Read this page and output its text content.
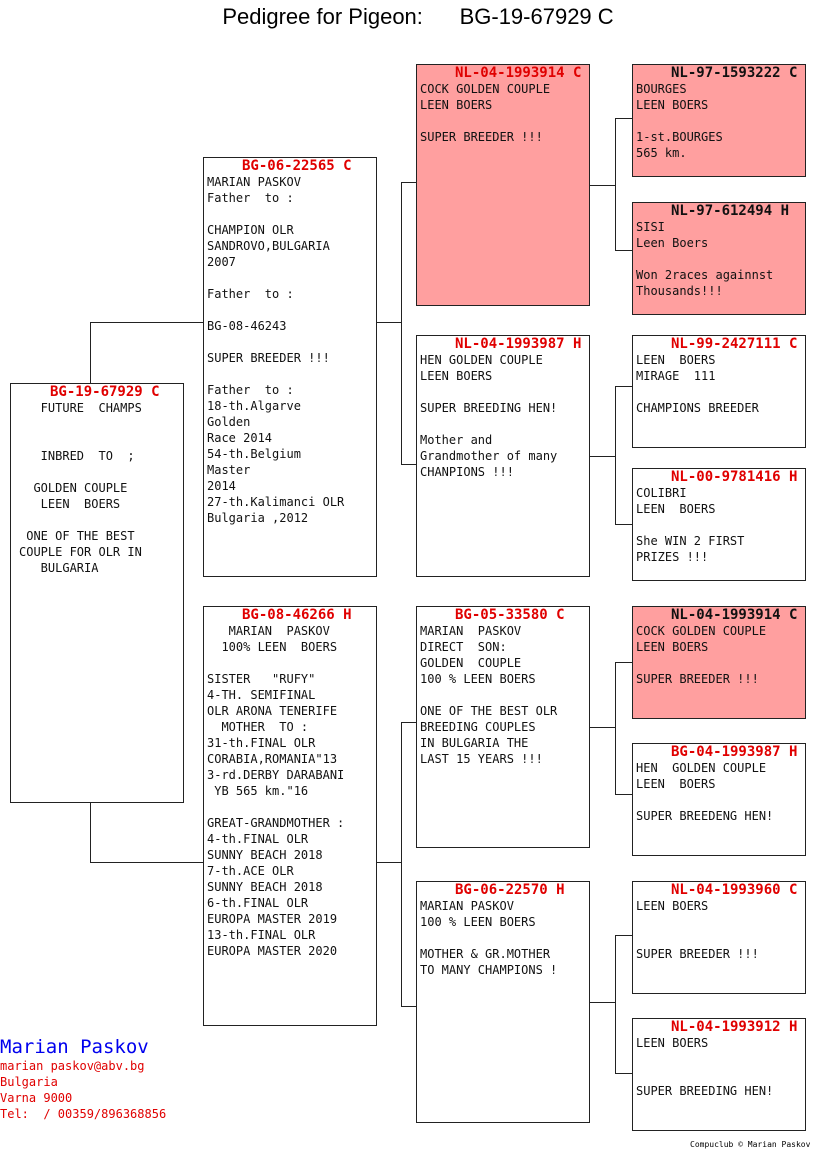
Pedigree for Pigeon:      BG-19-67929 C
BG-19-67929 C
FUTURE  CHAMPS
INBRED  TO  ;
GOLDEN COUPLE
LEEN  BOERS
ONE OF THE BEST
COUPLE FOR OLR IN
BULGARIA
BG-06-22565 C
MARIAN PASKOV
Father  to :
CHAMPION OLR
SANDROVO,BULGARIA
2007
Father  to :
BG-08-46243
SUPER BREEDER !!!
Father  to :
18-th.Algarve
Golden
Race 2014
54-th.Belgium
Master
2014
27-th.Kalimanci OLR
Bulgaria ,2012
BG-08-46266 H
MARIAN  PASKOV
100% LEEN  BOERS
SISTER   "RUFY"
4-TH. SEMIFINAL
OLR ARONA TENERIFE
MOTHER  TO :
31-th.FINAL OLR
CORABIA,ROMANIA"13
3-rd.DERBY DARABANI
YB 565 km."16
GREAT-GRANDMOTHER :
4-th.FINAL OLR
SUNNY BEACH 2018
7-th.ACE OLR
SUNNY BEACH 2018
6-th.FINAL OLR
EUROPA MASTER 2019
13-th.FINAL OLR
EUROPA MASTER 2020
NL-04-1993914 C
COCK GOLDEN COUPLE
LEEN BOERS
SUPER BREEDER !!!
NL-04-1993987 H
HEN GOLDEN COUPLE
LEEN BOERS
SUPER BREEDING HEN!
Mother and
Grandmother of many
CHANPIONS !!!
BG-05-33580 C
MARIAN  PASKOV
DIRECT  SON:
GOLDEN  COUPLE
100 % LEEN BOERS
ONE OF THE BEST OLR
BREEDING COUPLES
IN BULGARIA THE
LAST 15 YEARS !!!
BG-06-22570 H
MARIAN PASKOV
100 % LEEN BOERS
MOTHER & GR.MOTHER
TO MANY CHAMPIONS !
NL-97-1593222 C
BOURGES
LEEN BOERS
1-st.BOURGES
565 km.
NL-97-612494 H
SISI
Leen Boers
Won 2races againnst
Thousands!!!
NL-99-2427111 C
LEEN  BOERS
MIRAGE  111
CHAMPIONS BREEDER
NL-00-9781416 H
COLIBRI
LEEN  BOERS
She WIN 2 FIRST
PRIZES !!!
NL-04-1993914 C
COCK GOLDEN COUPLE
LEEN BOERS
SUPER BREEDER !!!
BG-04-1993987 H
HEN  GOLDEN COUPLE
LEEN  BOERS
SUPER BREEDENG HEN!
NL-04-1993960 C
LEEN BOERS
SUPER BREEDER !!!
NL-04-1993912 H
LEEN BOERS
SUPER BREEDING HEN!
Marian Paskov
marian paskov@abv.bg
Bulgaria
Varna 9000
Tel:  / 00359/896368856
Compuclub © Marian Paskov
